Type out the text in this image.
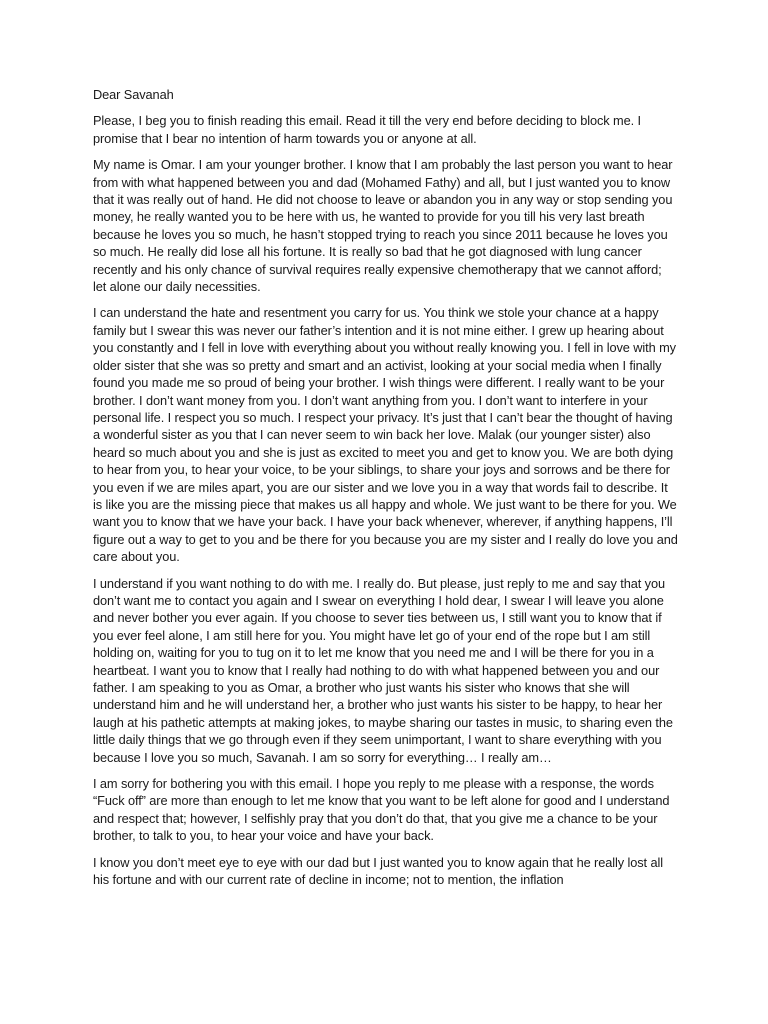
Dear Savanah

Please, I beg you to finish reading this email. Read it till the very end before deciding to block me. I promise that I bear no intention of harm towards you or anyone at all.

My name is Omar. I am your younger brother. I know that I am probably the last person you want to hear from with what happened between you and dad (Mohamed Fathy) and all, but I just wanted you to know that it was really out of hand. He did not choose to leave or abandon you in any way or stop sending you money, he really wanted you to be here with us, he wanted to provide for you till his very last breath because he loves you so much, he hasn’t stopped trying to reach you since 2011 because he loves you so much. He really did lose all his fortune. It is really so bad that he got diagnosed with lung cancer recently and his only chance of survival requires really expensive chemotherapy that we cannot afford; let alone our daily necessities.

I can understand the hate and resentment you carry for us. You think we stole your chance at a happy family but I swear this was never our father’s intention and it is not mine either. I grew up hearing about you constantly and I fell in love with everything about you without really knowing you. I fell in love with my older sister that she was so pretty and smart and an activist, looking at your social media when I finally found you made me so proud of being your brother. I wish things were different. I really want to be your brother. I don’t want money from you. I don’t want anything from you. I don’t want to interfere in your personal life. I respect you so much. I respect your privacy. It’s just that I can’t bear the thought of having a wonderful sister as you that I can never seem to win back her love. Malak (our younger sister) also heard so much about you and she is just as excited to meet you and get to know you. We are both dying to hear from you, to hear your voice, to be your siblings, to share your joys and sorrows and be there for you even if we are miles apart, you are our sister and we love you in a way that words fail to describe. It is like you are the missing piece that makes us all happy and whole. We just want to be there for you. We want you to know that we have your back. I have your back whenever, wherever, if anything happens, I’ll figure out a way to get to you and be there for you because you are my sister and I really do love you and care about you.

I understand if you want nothing to do with me. I really do. But please, just reply to me and say that you don’t want me to contact you again and I swear on everything I hold dear, I swear I will leave you alone and never bother you ever again. If you choose to sever ties between us, I still want you to know that if you ever feel alone, I am still here for you. You might have let go of your end of the rope but I am still holding on, waiting for you to tug on it to let me know that you need me and I will be there for you in a heartbeat. I want you to know that I really had nothing to do with what happened between you and our father. I am speaking to you as Omar, a brother who just wants his sister who knows that she will understand him and he will understand her, a brother who just wants his sister to be happy, to hear her laugh at his pathetic attempts at making jokes, to maybe sharing our tastes in music, to sharing even the little daily things that we go through even if they seem unimportant, I want to share everything with you because I love you so much, Savanah. I am so sorry for everything… I really am…

I am sorry for bothering you with this email. I hope you reply to me please with a response, the words “Fuck off” are more than enough to let me know that you want to be left alone for good and I understand and respect that; however, I selfishly pray that you don’t do that, that you give me a chance to be your brother, to talk to you, to hear your voice and have your back.

I know you don’t meet eye to eye with our dad but I just wanted you to know again that he really lost all his fortune and with our current rate of decline in income; not to mention, the inflation
